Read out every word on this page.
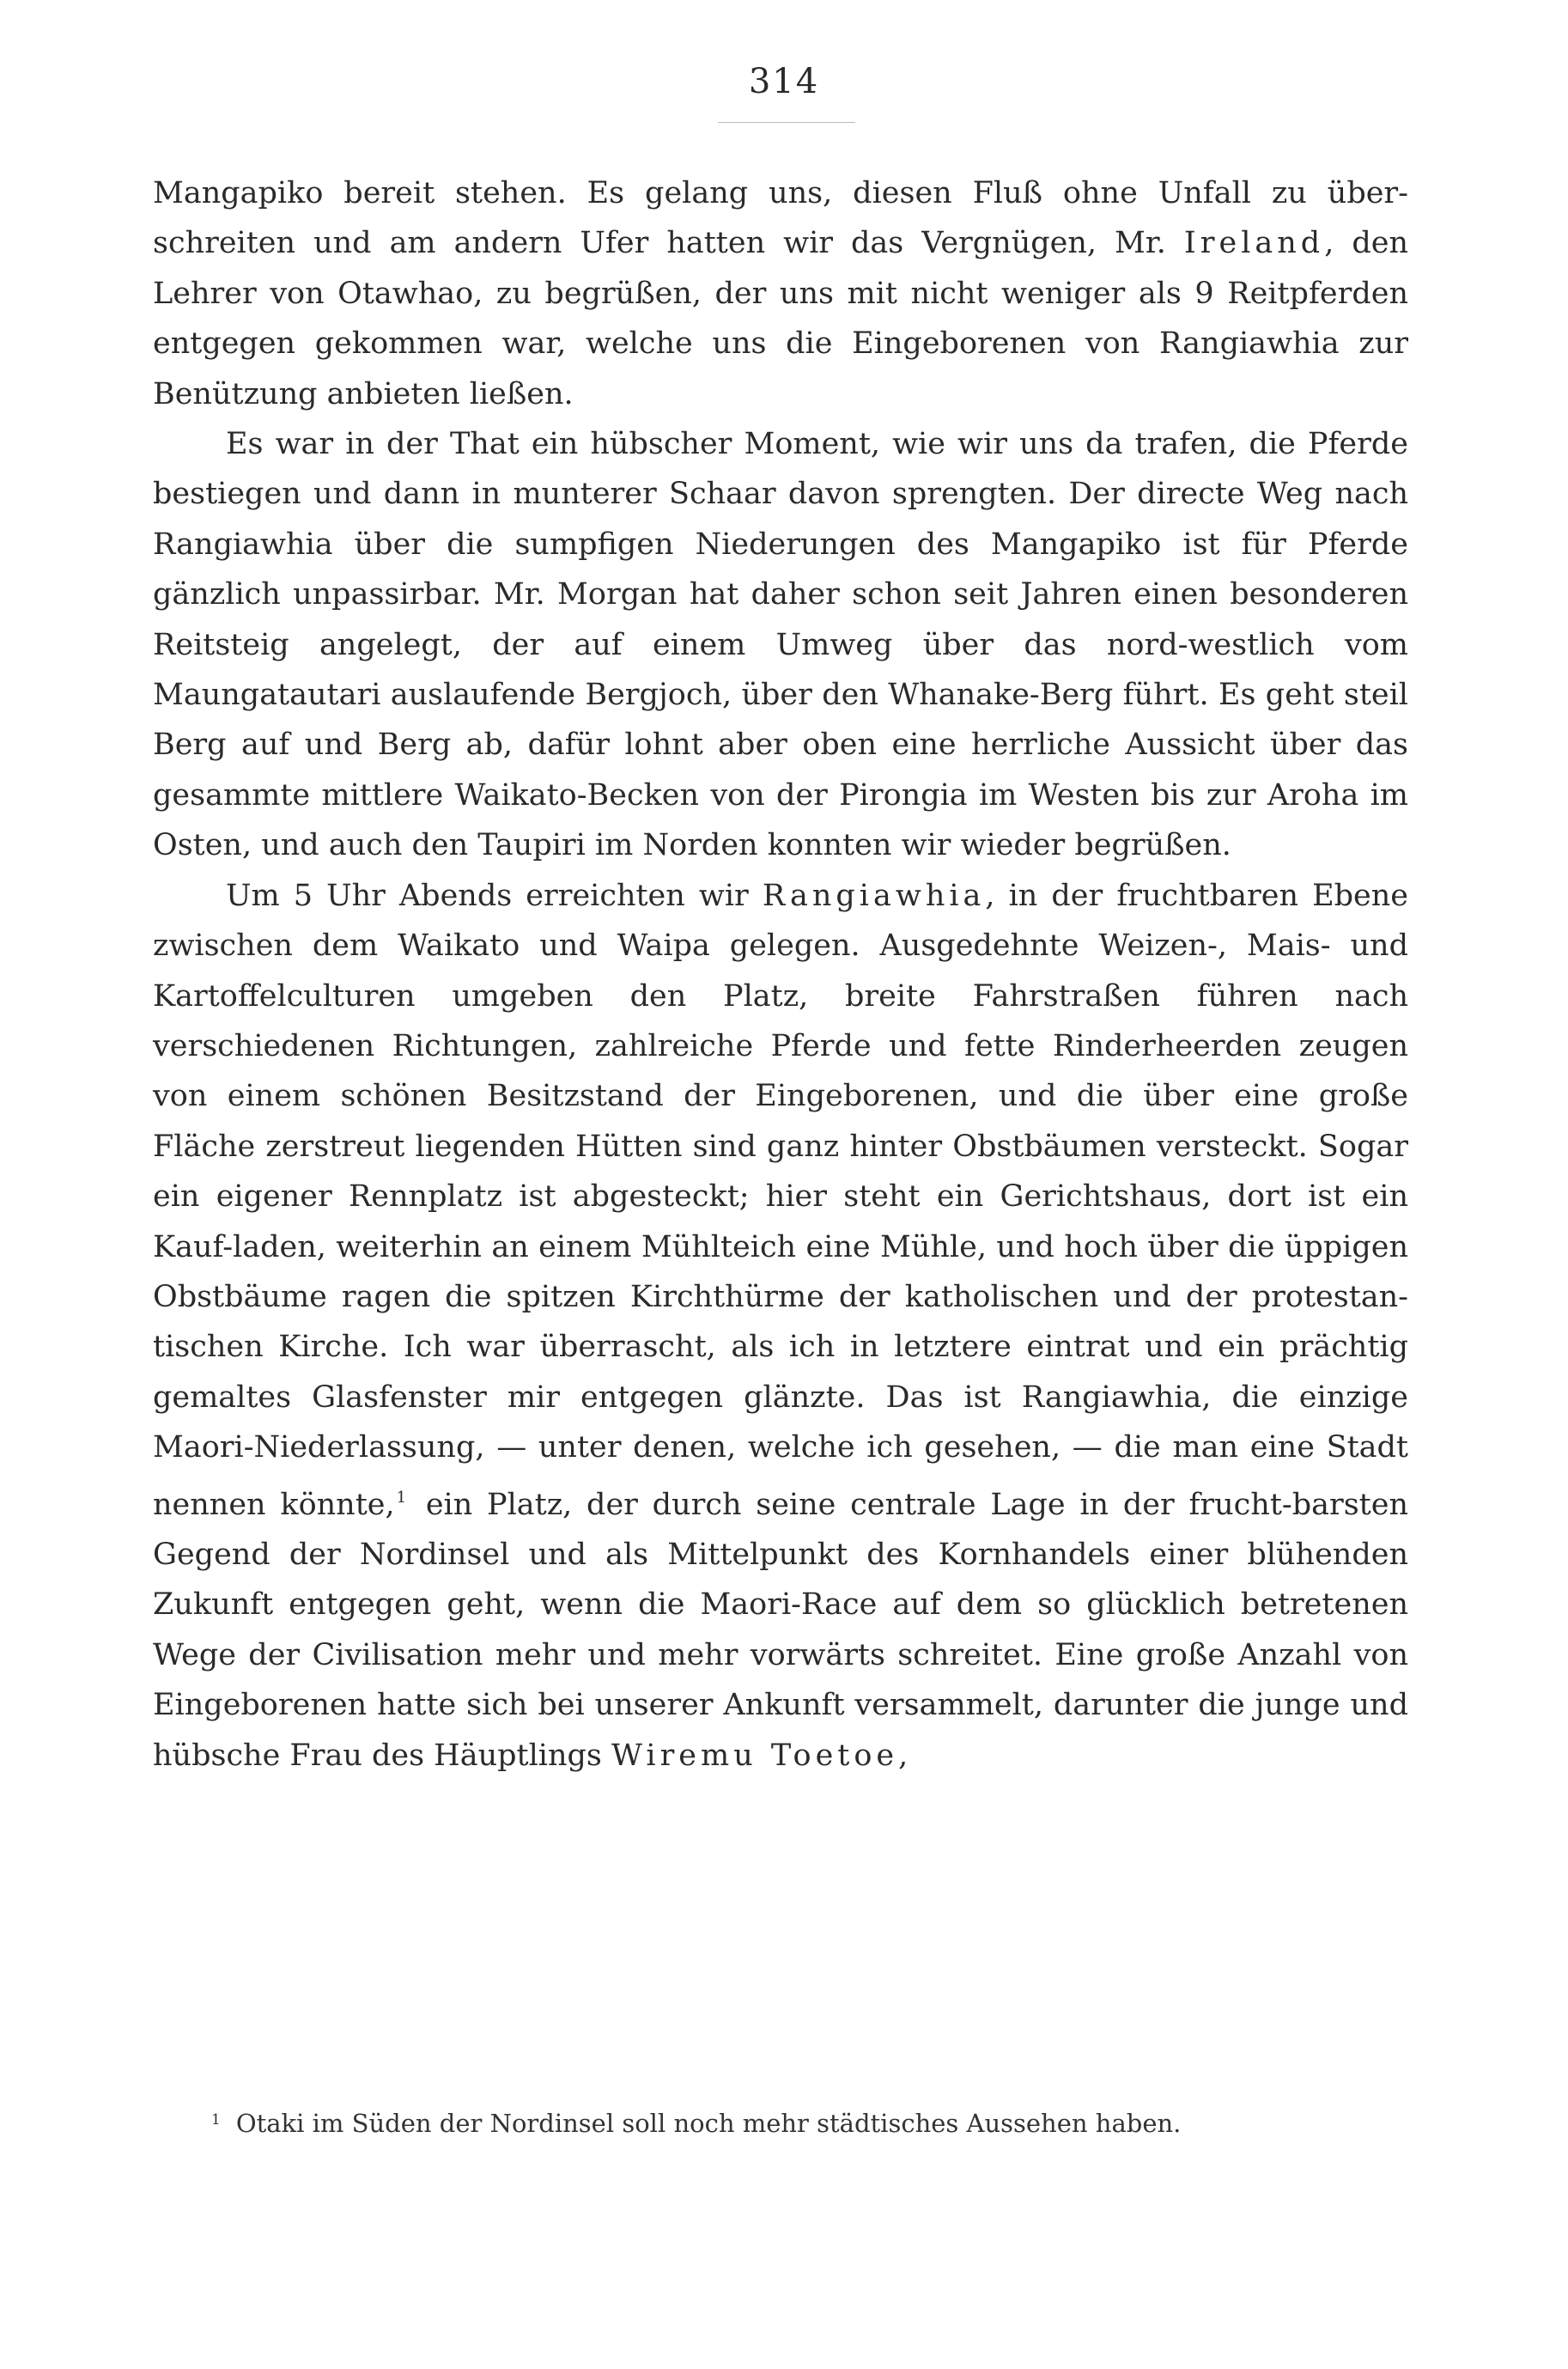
314

Mangapiko bereit stehen. Es gelang uns, diesen Fluß ohne Unfall zu über- schreiten und am andern Ufer hatten wir das Vergnügen, Mr. Ireland, den Lehrer von Otawhao, zu begrüßen, der uns mit nicht weniger als 9 Reitpferden entgegen gekommen war, welche uns die Eingeborenen von Rangiawhia zur Benützung anbieten ließen.

Es war in der That ein hübscher Moment, wie wir uns da trafen, die Pferde bestiegen und dann in munterer Schaar davon sprengten. Der directe Weg nach Rangiawhia über die sumpfigen Niederungen des Mangapiko ist für Pferde gänzlich unpassirbar. Mr. Morgan hat daher schon seit Jahren einen besonderen Reitsteig angelegt, der auf einem Umweg über das nord-westlich vom Maungatautari auslaufende Bergjoch, über den Whanake-Berg führt. Es geht steil Berg auf und Berg ab, dafür lohnt aber oben eine herrliche Aussicht über das gesammte mittlere Waikato-Becken von der Pirongia im Westen bis zur Aroha im Osten, und auch den Taupiri im Norden konnten wir wieder begrüßen.

Um 5 Uhr Abends erreichten wir Rangiawhia, in der fruchtbaren Ebene zwischen dem Waikato und Waipa gelegen. Ausgedehnte Weizen-, Mais- und Kartoffelculturen umgeben den Platz, breite Fahrstraßen führen nach verschiedenen Richtungen, zahlreiche Pferde und fette Rinderheerden zeugen von einem schönen Besitzstand der Eingeborenen, und die über eine große Fläche zerstreut liegenden Hütten sind ganz hinter Obstbäumen versteckt. Sogar ein eigener Rennplatz ist abgesteckt; hier steht ein Gerichtshaus, dort ist ein Kauf-laden, weiterhin an einem Mühlteich eine Mühle, und hoch über die üppigen Obstbäume ragen die spitzen Kirchthürme der katholischen und der protestan-tischen Kirche. Ich war überrascht, als ich in letztere eintrat und ein prächtig gemaltes Glasfenster mir entgegen glänzte. Das ist Rangiawhia, die einzige Maori-Niederlassung, — unter denen, welche ich gesehen, — die man eine Stadt nennen könnte, $^1$ ein Platz, der durch seine centrale Lage in der frucht-barsten Gegend der Nordinsel und als Mittelpunkt des Kornhandels einer blühenden Zukunft entgegen geht, wenn die Maori-Race auf dem so glücklich betretenen Wege der Civilisation mehr und mehr vorwärts schreitet. Eine große Anzahl von Eingeborenen hatte sich bei unserer Ankunft versammelt, darunter die junge und hübsche Frau des Häuptlings Wiremu Toetoe,

$^1$ Otaki im Süden der Nordinsel soll noch mehr städtisches Aussehen haben.
